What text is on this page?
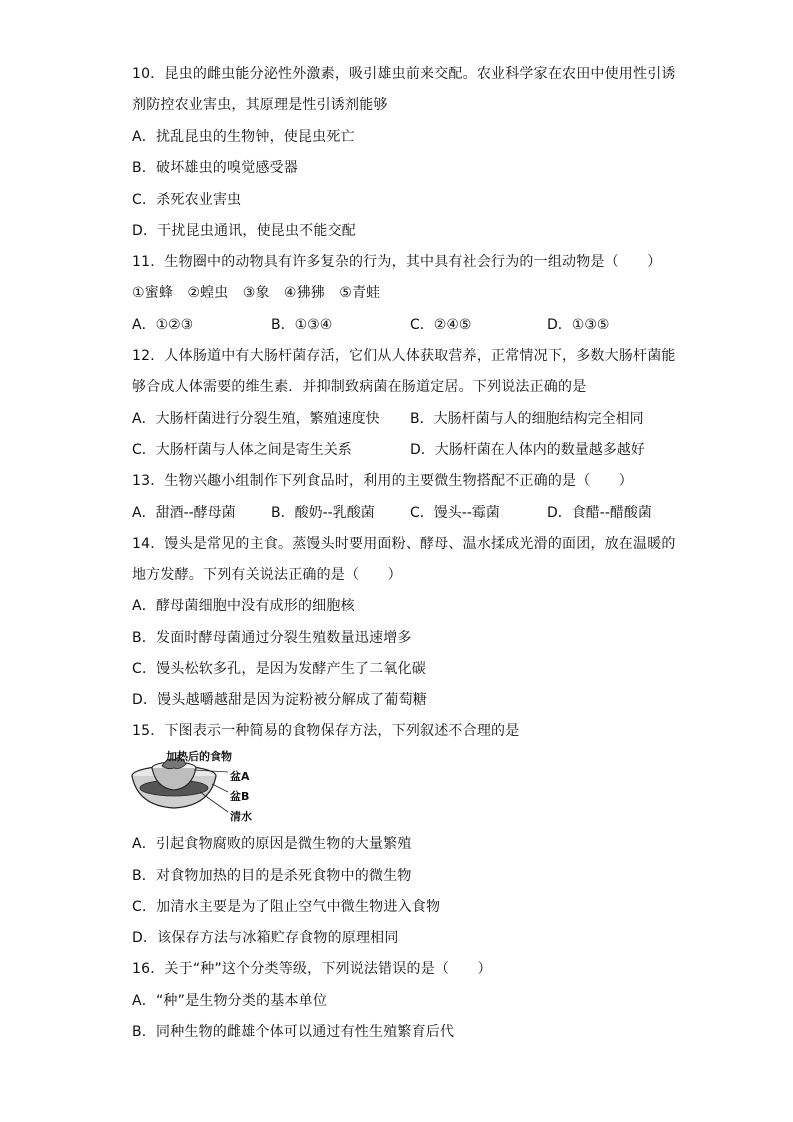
10．昆虫的雌虫能分泌性外激素，吸引雄虫前来交配。农业科学家在农田中使用性引诱
剂防控农业害虫，其原理是性引诱剂能够
A．扰乱昆虫的生物钟，使昆虫死亡
B．破坏雄虫的嗅觉感受器
C．杀死农业害虫
D．干扰昆虫通讯，使昆虫不能交配
11．生物圈中的动物具有许多复杂的行为，其中具有社会行为的一组动物是（　　）
①蜜蜂　②蝗虫　③象　④狒狒　⑤青蛙
A．①②③	B．①③④	C．②④⑤	D．①③⑤
12．人体肠道中有大肠杆菌存活，它们从人体获取营养，正常情况下，多数大肠杆菌能
够合成人体需要的维生素．并抑制致病菌在肠道定居。下列说法正确的是
A．大肠杆菌进行分裂生殖，繁殖速度快 B．大肠杆菌与人的细胞结构完全相同
C．大肠杆菌与人体之间是寄生关系	D．大肠杆菌在人体内的数量越多越好
13．生物兴趣小组制作下列食品时，利用的主要微生物搭配不正确的是（　　）
A．甜酒--酵母菌	B．酸奶--乳酸菌	C．馒头--霉菌	D．食醋--醋酸菌
14．馒头是常见的主食。蒸馒头时要用面粉、酵母、温水揉成光滑的面团，放在温暖的
地方发酵。下列有关说法正确的是（　　）
A．酵母菌细胞中没有成形的细胞核
B．发面时酵母菌通过分裂生殖数量迅速增多
C．馒头松软多孔，是因为发酵产生了二氧化碳
D．馒头越嚼越甜是因为淀粉被分解成了葡萄糖
15．下图表示一种简易的食物保存方法，下列叙述不合理的是
加热后的食物
盆A
盆B
清水
A．引起食物腐败的原因是微生物的大量繁殖
B．对食物加热的目的是杀死食物中的微生物
C．加清水主要是为了阻止空气中微生物进入食物
D．该保存方法与冰箱贮存食物的原理相同
16．关于“种”这个分类等级，下列说法错误的是（　　）
A．“种”是生物分类的基本单位
B．同种生物的雌雄个体可以通过有性生殖繁育后代
